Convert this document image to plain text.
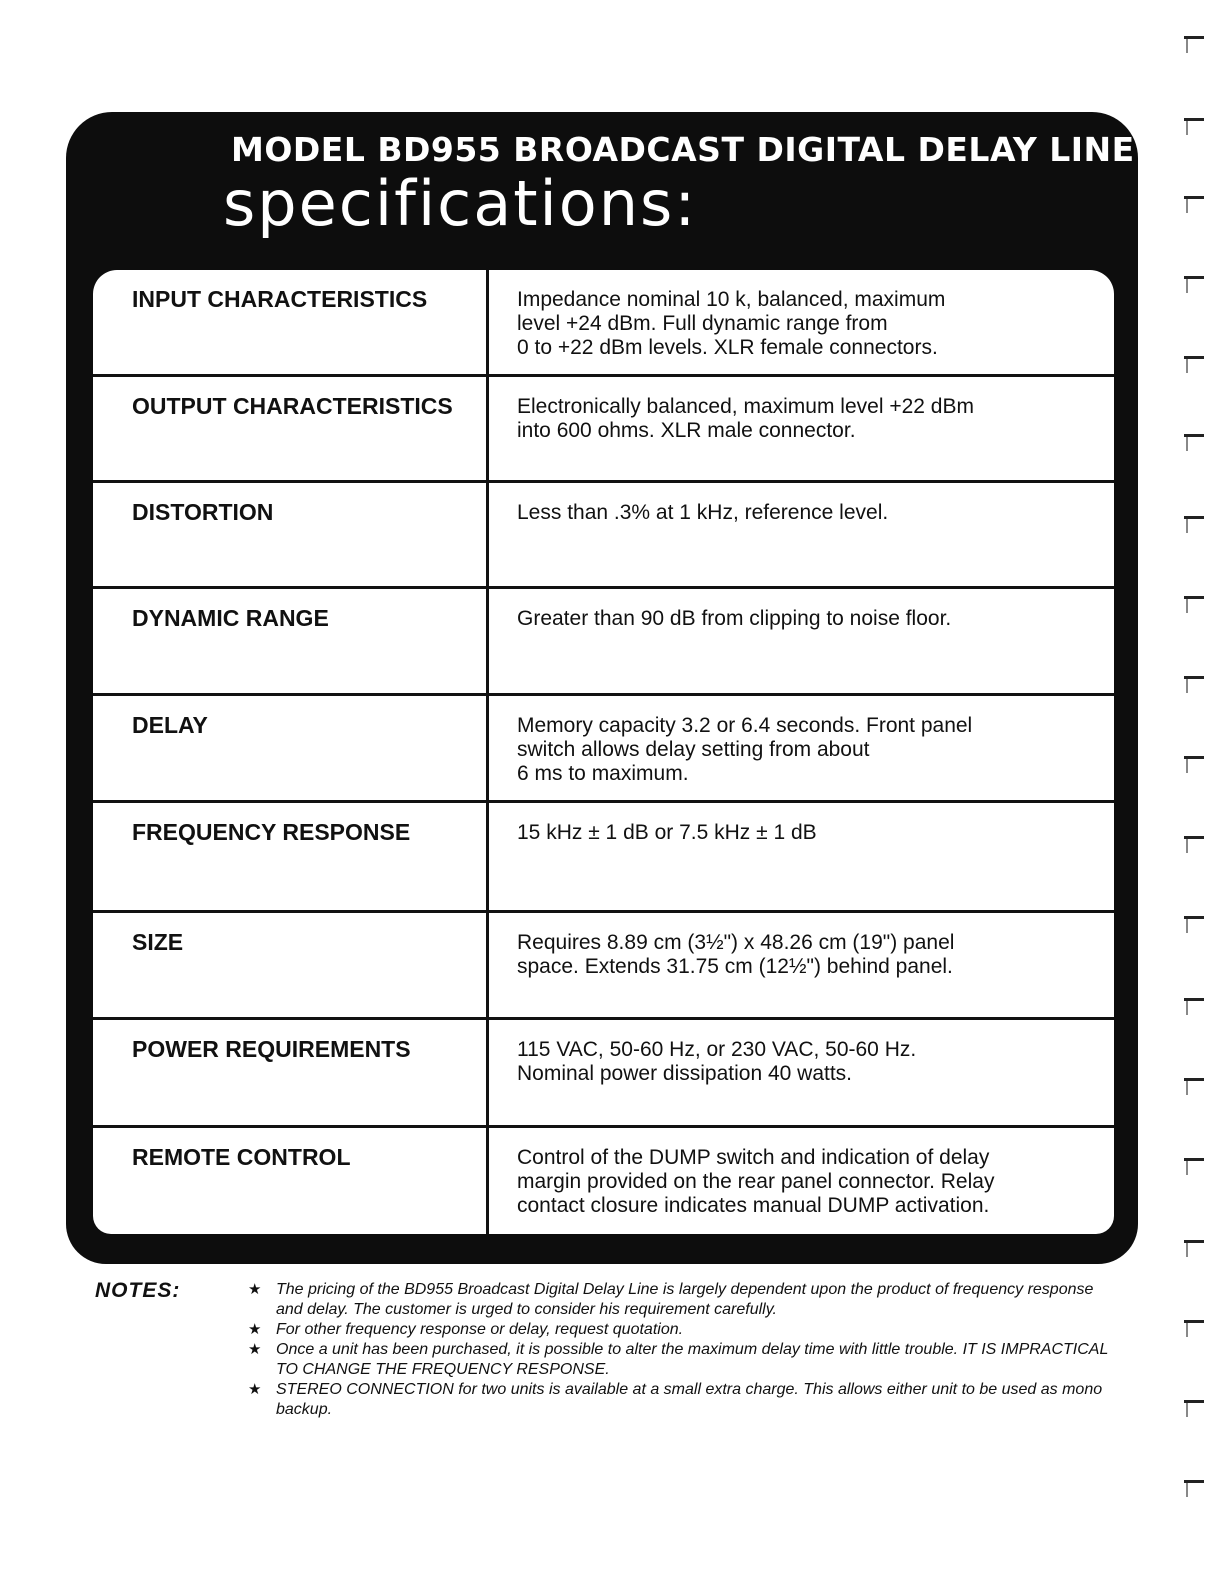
MODEL BD955 BROADCAST DIGITAL DELAY LINE
specifications:
INPUT CHARACTERISTICS	Impedance nominal 10 k, balanced, maximum
level +24 dBm. Full dynamic range from
0 to +22 dBm levels. XLR female connectors.
OUTPUT CHARACTERISTICS	Electronically balanced, maximum level +22 dBm
into 600 ohms. XLR male connector.
DISTORTION	Less than .3% at 1 kHz, reference level.
DYNAMIC RANGE	Greater than 90 dB from clipping to noise floor.
DELAY	Memory capacity 3.2 or 6.4 seconds. Front panel
switch allows delay setting from about
6 ms to maximum.
FREQUENCY RESPONSE	15 kHz ± 1 dB or 7.5 kHz ± 1 dB
SIZE	Requires 8.89 cm (3½") x 48.26 cm (19") panel
space. Extends 31.75 cm (12½") behind panel.
POWER REQUIREMENTS	115 VAC, 50-60 Hz, or 230 VAC, 50-60 Hz.
Nominal power dissipation 40 watts.
REMOTE CONTROL	Control of the DUMP switch and indication of delay
margin provided on the rear panel connector. Relay
contact closure indicates manual DUMP activation.
NOTES:	★ The pricing of the BD955 Broadcast Digital Delay Line is largely dependent upon the product of frequency response and delay. The customer is urged to consider his requirement carefully.
★ For other frequency response or delay, request quotation.
★ Once a unit has been purchased, it is possible to alter the maximum delay time with little trouble. IT IS IMPRACTICAL TO CHANGE THE FREQUENCY RESPONSE.
★ STEREO CONNECTION for two units is available at a small extra charge. This allows either unit to be used as mono backup.
